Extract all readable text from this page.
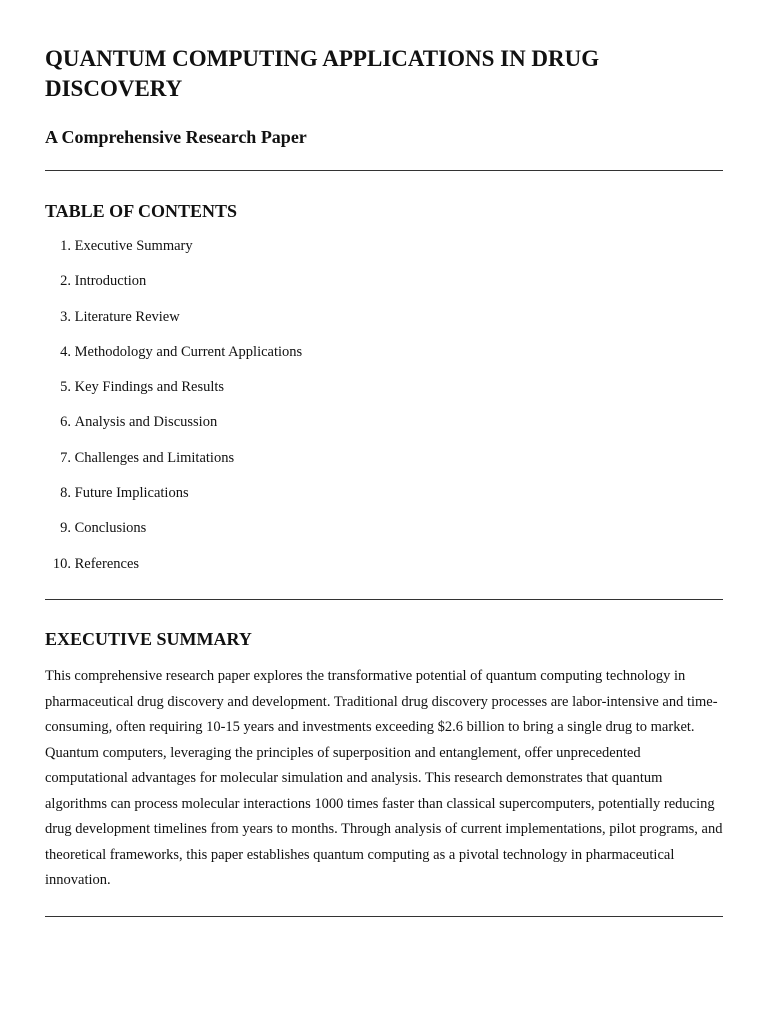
QUANTUM COMPUTING APPLICATIONS IN DRUG DISCOVERY
A Comprehensive Research Paper
TABLE OF CONTENTS
1. Executive Summary
2. Introduction
3. Literature Review
4. Methodology and Current Applications
5. Key Findings and Results
6. Analysis and Discussion
7. Challenges and Limitations
8. Future Implications
9. Conclusions
10. References
EXECUTIVE SUMMARY

This comprehensive research paper explores the transformative potential of quantum computing technology in pharmaceutical drug discovery and development. Traditional drug discovery processes are labor-intensive and time-consuming, often requiring 10-15 years and investments exceeding $2.6 billion to bring a single drug to market. Quantum computers, leveraging the principles of superposition and entanglement, offer unprecedented computational advantages for molecular simulation and analysis. This research demonstrates that quantum algorithms can process molecular interactions 1000 times faster than classical supercomputers, potentially reducing drug development timelines from years to months. Through analysis of current implementations, pilot programs, and theoretical frameworks, this paper establishes quantum computing as a pivotal technology in pharmaceutical innovation.
